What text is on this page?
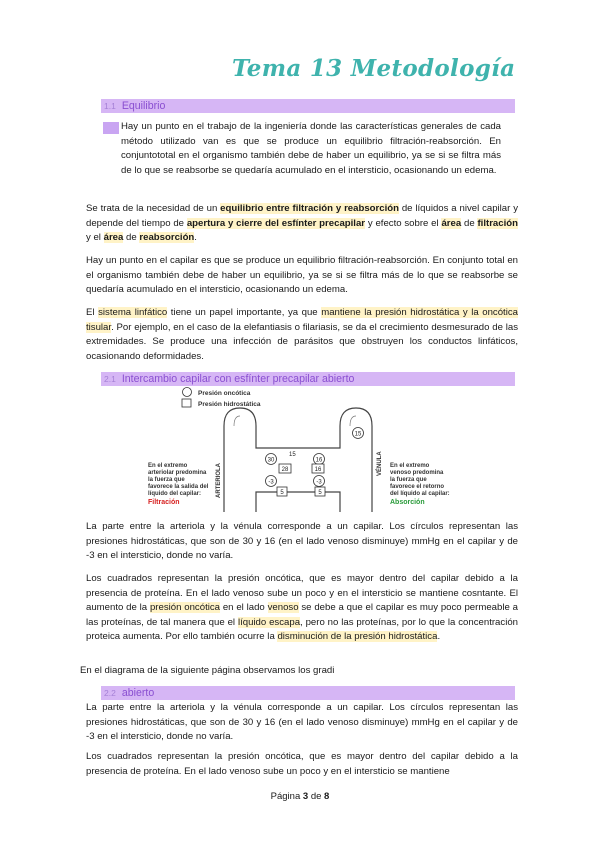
Tema 13 Metodología
1.1 Equilibrio
Hay un punto en el trabajo de la ingeniería donde las características generales de cada método utilizado van es que se produce un equilibrio filtración-reabsorción. En conjuntototal en el organismo también debe de haber un equilibrio, ya se si se filtra más de lo que se reabsorbe se quedaría acumulado en el intersticio, ocasionando un edema.
Se trata de la necesidad de un equilibrio entre filtración y reabsorción de líquidos a nivel capilar y depende del tiempo de apertura y cierre del esfínter precapilar y efecto sobre el área de filtración y el área de reabsorción.
Hay un punto en el capilar es que se produce un equilibrio filtración-reabsorción. En conjunto total en el organismo también debe de haber un equilibrio, ya se si se filtra más de lo que se reabsorbe se quedaría acumulado en el intersticio, ocasionando un edema.
El sistema linfático tiene un papel importante, ya que mantiene la presión hidrostática y la oncótica tisular. Por ejemplo, en el caso de la elefantiasis o filariasis, se da el crecimiento desmesurado de las extremidades. Se produce una infección de parásitos que obstruyen los conductos linfáticos, ocasionando deformidades.
2.1 Intercambio capilar con esfínter precapilar abierto
Presión oncótica
Presión hidrostática
ARTERIOLA	VÉNULA
30
28
16
16
15
-3	-3
5	5
En el extremo
arteriolar predomina
la fuerza que
favorece la salida del
líquido del capilar:
Filtración
En el extremo
venoso predomina
la fuerza que
favorece el retorno
del líquido al capilar:
Absorción
15
La parte entre la arteriola y la vénula corresponde a un capilar. Los círculos representan las presiones hidrostáticas, que son de 30 y 16 (en el lado venoso disminuye) mmHg en el capilar y de -3 en el intersticio, donde no varía.
Los cuadrados representan la presión oncótica, que es mayor dentro del capilar debido a la presencia de proteína. En el lado venoso sube un poco y en el intersticio se mantiene cosntante. El aumento de la presión oncótica en el lado venoso se debe a que el capilar es muy poco permeable a las proteínas, de tal manera que el líquido escapa, pero no las proteínas, por lo que la concentración proteica aumenta. Por ello también ocurre la disminución de la presión hidrostática.
En el diagrama de la siguiente página observamos los gradi
2.2 abierto
La parte entre la arteriola y la vénula corresponde a un capilar. Los círculos representan las presiones hidrostáticas, que son de 30 y 16 (en el lado venoso disminuye) mmHg en el capilar y de -3 en el intersticio, donde no varía.
Los cuadrados representan la presión oncótica, que es mayor dentro del capilar debido a la presencia de proteína. En el lado venoso sube un poco y en el intersticio se mantiene
Página 3 de 8
